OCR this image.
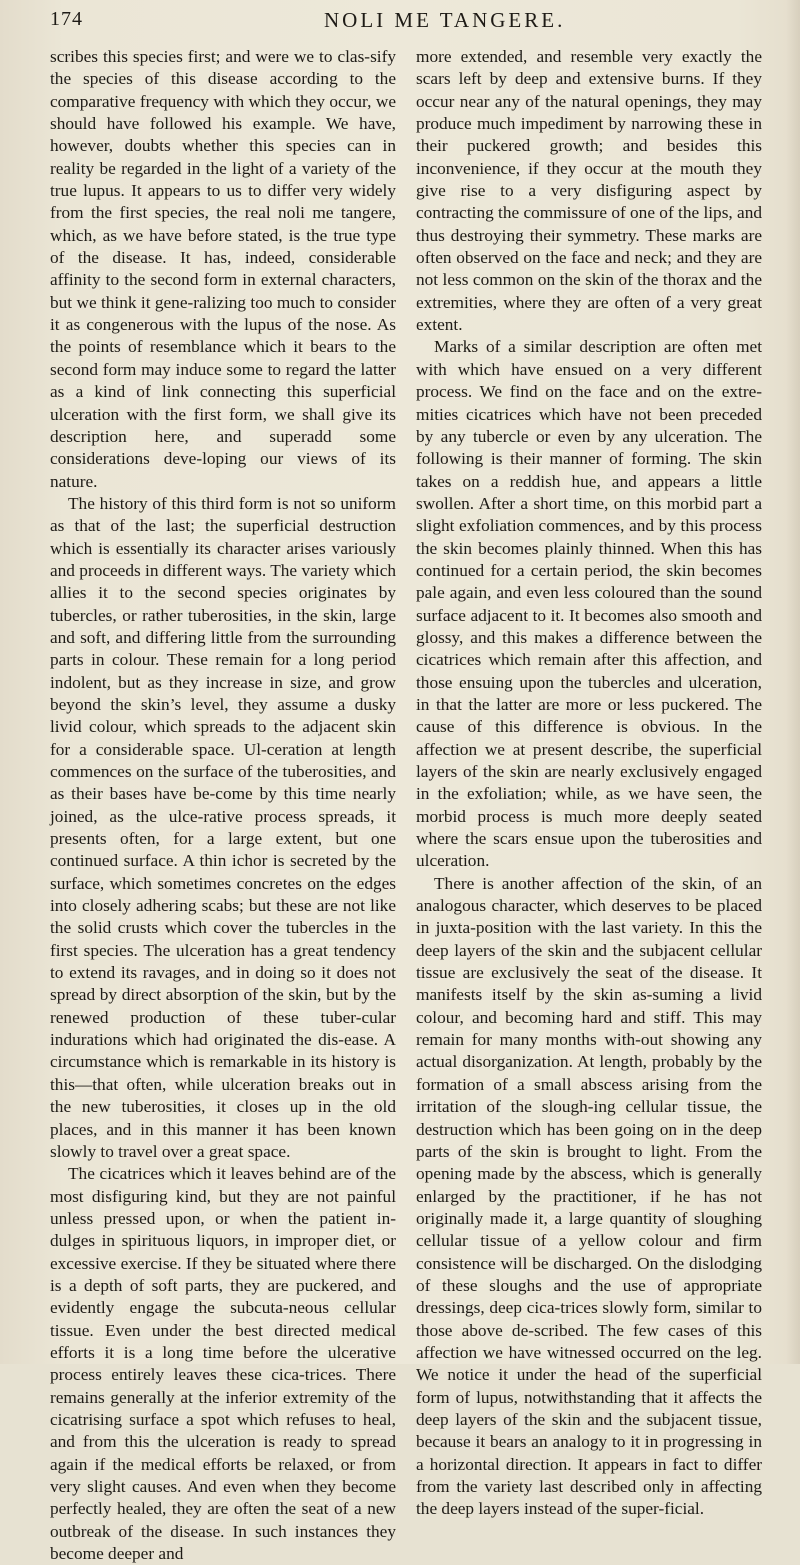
174	NOLI ME TANGERE.

scribes this species first; and were we to clas-sify the species of this disease according to the comparative frequency with which they occur, we should have followed his example. We have, however, doubts whether this species can in reality be regarded in the light of a variety of the true lupus. It appears to us to differ very widely from the first species, the real noli me tangere, which, as we have before stated, is the true type of the disease. It has, indeed, considerable affinity to the second form in external characters, but we think it gene-ralizing too much to consider it as congenerous with the lupus of the nose. As the points of resemblance which it bears to the second form may induce some to regard the latter as a kind of link connecting this superficial ulceration with the first form, we shall give its description here, and superadd some considerations deve-loping our views of its nature.

The history of this third form is not so uniform as that of the last; the superficial destruction which is essentially its character arises variously and proceeds in different ways. The variety which allies it to the second species originates by tubercles, or rather tuberosities, in the skin, large and soft, and differing little from the surrounding parts in colour. These remain for a long period indolent, but as they increase in size, and grow beyond the skin’s level, they assume a dusky livid colour, which spreads to the adjacent skin for a considerable space. Ul-ceration at length commences on the surface of the tuberosities, and as their bases have be-come by this time nearly joined, as the ulce-rative process spreads, it presents often, for a large extent, but one continued surface. A thin ichor is secreted by the surface, which sometimes concretes on the edges into closely adhering scabs; but these are not like the solid crusts which cover the tubercles in the first species. The ulceration has a great tendency to extend its ravages, and in doing so it does not spread by direct absorption of the skin, but by the renewed production of these tuber-cular indurations which had originated the dis-ease. A circumstance which is remarkable in its history is this—that often, while ulceration breaks out in the new tuberosities, it closes up in the old places, and in this manner it has been known slowly to travel over a great space.

The cicatrices which it leaves behind are of the most disfiguring kind, but they are not painful unless pressed upon, or when the patient in-dulges in spirituous liquors, in improper diet, or excessive exercise. If they be situated where there is a depth of soft parts, they are puckered, and evidently engage the subcuta-neous cellular tissue. Even under the best directed medical efforts it is a long time before the ulcerative process entirely leaves these cica-trices. There remains generally at the inferior extremity of the cicatrising surface a spot which refuses to heal, and from this the ulceration is ready to spread again if the medical efforts be relaxed, or from very slight causes. And even when they become perfectly healed, they are often the seat of a new outbreak of the disease. In such instances they become deeper and

more extended, and resemble very exactly the scars left by deep and extensive burns. If they occur near any of the natural openings, they may produce much impediment by narrowing these in their puckered growth; and besides this inconvenience, if they occur at the mouth they give rise to a very disfiguring aspect by contracting the commissure of one of the lips, and thus destroying their symmetry. These marks are often observed on the face and neck; and they are not less common on the skin of the thorax and the extremities, where they are often of a very great extent.

Marks of a similar description are often met with which have ensued on a very different process. We find on the face and on the extre-mities cicatrices which have not been preceded by any tubercle or even by any ulceration. The following is their manner of forming. The skin takes on a reddish hue, and appears a little swollen. After a short time, on this morbid part a slight exfoliation commences, and by this process the skin becomes plainly thinned. When this has continued for a certain period, the skin becomes pale again, and even less coloured than the sound surface adjacent to it. It becomes also smooth and glossy, and this makes a difference between the cicatrices which remain after this affection, and those ensuing upon the tubercles and ulceration, in that the latter are more or less puckered. The cause of this difference is obvious. In the affection we at present describe, the superficial layers of the skin are nearly exclusively engaged in the exfoliation; while, as we have seen, the morbid process is much more deeply seated where the scars ensue upon the tuberosities and ulceration.

There is another affection of the skin, of an analogous character, which deserves to be placed in juxta-position with the last variety. In this the deep layers of the skin and the subjacent cellular tissue are exclusively the seat of the disease. It manifests itself by the skin as-suming a livid colour, and becoming hard and stiff. This may remain for many months with-out showing any actual disorganization. At length, probably by the formation of a small abscess arising from the irritation of the slough-ing cellular tissue, the destruction which has been going on in the deep parts of the skin is brought to light. From the opening made by the abscess, which is generally enlarged by the practitioner, if he has not originally made it, a large quantity of sloughing cellular tissue of a yellow colour and firm consistence will be discharged. On the dislodging of these sloughs and the use of appropriate dressings, deep cica-trices slowly form, similar to those above de-scribed. The few cases of this affection we have witnessed occurred on the leg. We notice it under the head of the superficial form of lupus, notwithstanding that it affects the deep layers of the skin and the subjacent tissue, because it bears an analogy to it in progressing in a horizontal direction. It appears in fact to differ from the variety last described only in affecting the deep layers instead of the super-ficial.
